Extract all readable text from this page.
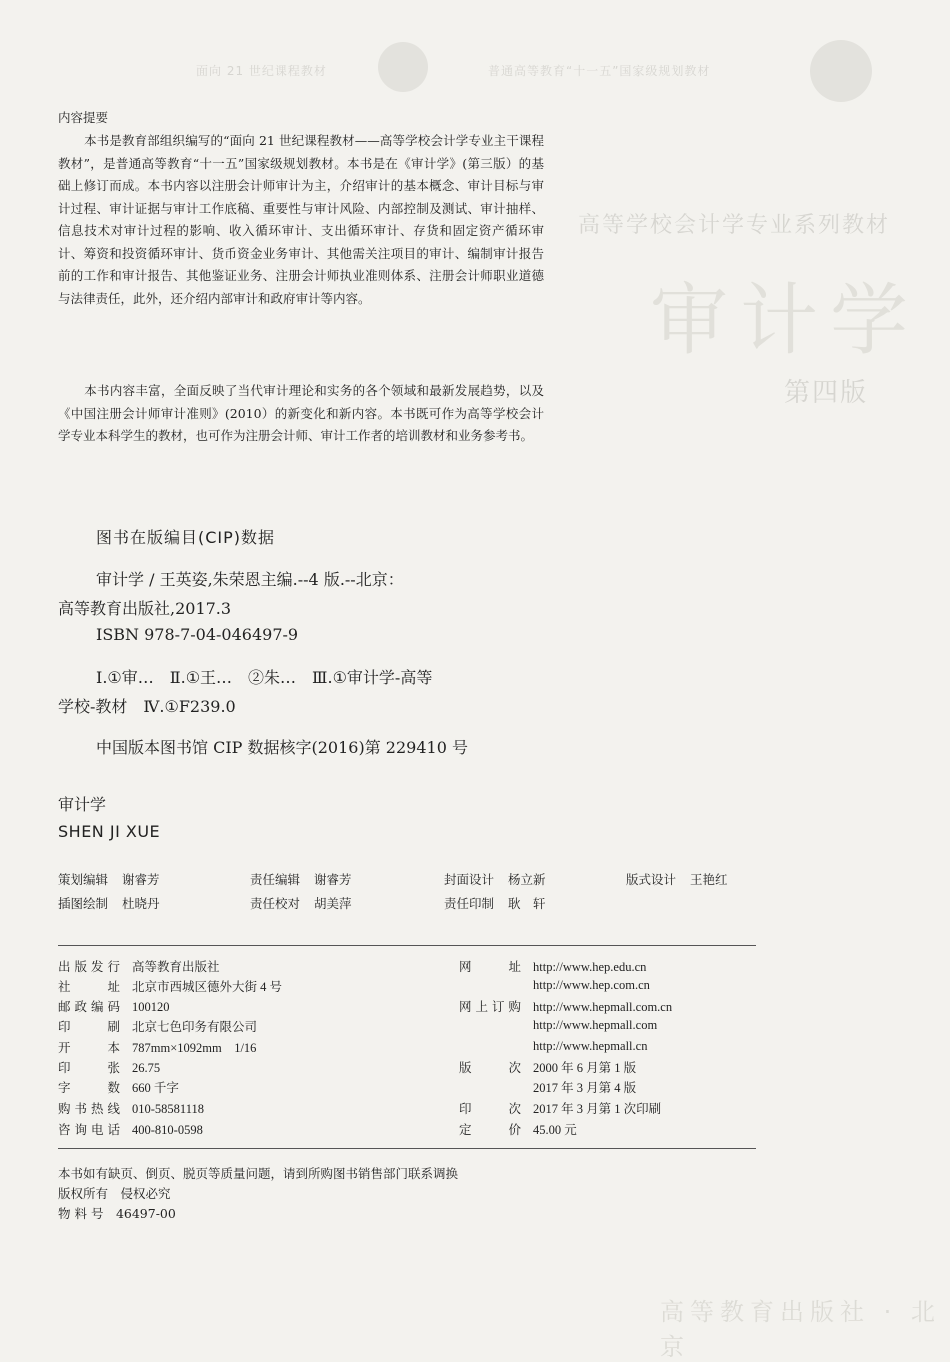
普通高等教育“十一五”国家级规划教材
面向 21 世纪课程教材
高等学校会计学专业系列教材
审计学
第四版
高等教育出版社 · 北京
内容提要

本书是教育部组织编写的“面向 21 世纪课程教材——高等学校会计学专业主干课程教材”，是普通高等教育“十一五”国家级规划教材。本书是在《审计学》(第三版）的基础上修订而成。本书内容以注册会计师审计为主，介绍审计的基本概念、审计目标与审计过程、审计证据与审计工作底稿、重要性与审计风险、内部控制及测试、审计抽样、信息技术对审计过程的影响、收入循环审计、支出循环审计、存货和固定资产循环审计、筹资和投资循环审计、货币资金业务审计、其他需关注项目的审计、编制审计报告前的工作和审计报告、其他鉴证业务、注册会计师执业准则体系、注册会计师职业道德与法律责任，此外，还介绍内部审计和政府审计等内容。

本书内容丰富，全面反映了当代审计理论和实务的各个领域和最新发展趋势，以及《中国注册会计师审计准则》(2010）的新变化和新内容。本书既可作为高等学校会计学专业本科学生的教材，也可作为注册会计师、审计工作者的培训教材和业务参考书。

图书在版编目(CIP)数据
审计学 / 王英姿,朱荣恩主编.--4 版.--北京：
高等教育出版社,2017.3
ISBN 978-7-04-046497-9
Ⅰ.①审…　Ⅱ.①王…　②朱…　Ⅲ.①审计学-高等
学校-教材　Ⅳ.①F239.0
中国版本图书馆 CIP 数据核字(2016)第 229410 号
审计学
SHEN JI XUE
策划编辑 谢睿芳	责任编辑 谢睿芳	封面设计 杨立新	版式设计 王艳红
插图绘制 杜晓丹	责任校对 胡美萍	责任印制 耿　轩
出版发行 高等教育出版社
社址 北京市西城区德外大街 4 号
邮政编码 100120
印刷 北京七色印务有限公司
开本 787mm×1092mm　1/16
印张 26.75
字数 660 千字
购书热线 010-58581118
咨询电话 400-810-0598
网址 http://www.hep.edu.cn
http://www.hep.com.cn
网上订购 http://www.hepmall.com.cn
http://www.hepmall.com
http://www.hepmall.cn
版次 2000 年 6 月第 1 版
2017 年 3 月第 4 版
印次 2017 年 3 月第 1 次印刷
定价 45.00 元
本书如有缺页、倒页、脱页等质量问题，请到所购图书销售部门联系调换
版权所有　侵权必究
物 料 号　46497-00
